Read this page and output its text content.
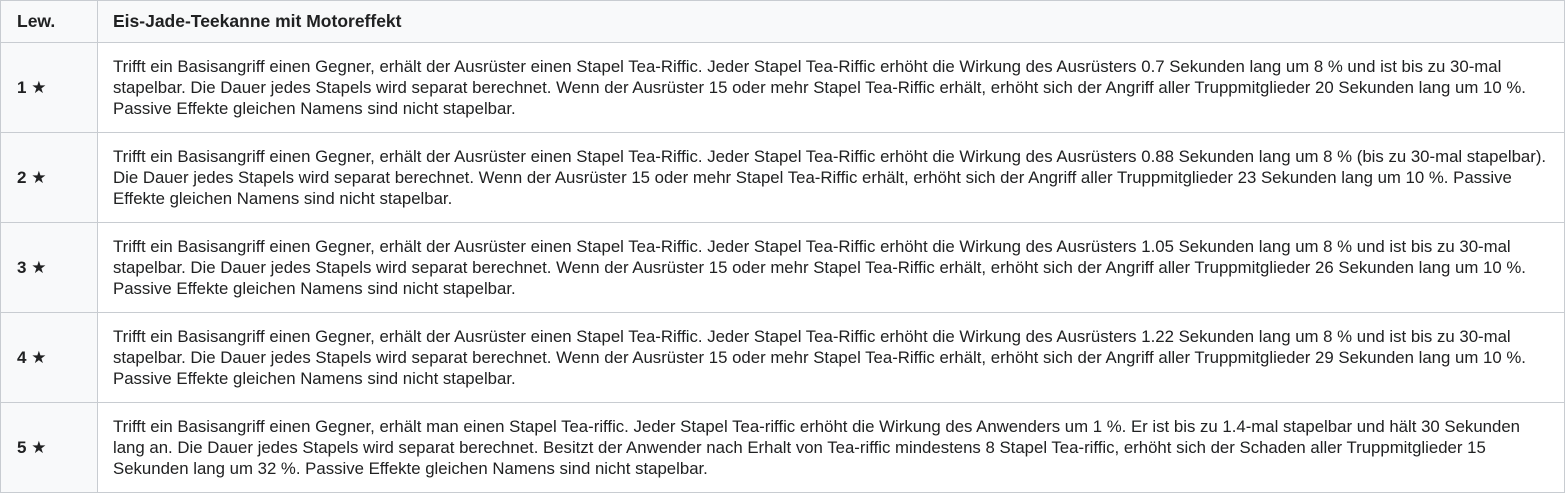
Lew.	Eis-Jade-Teekanne mit Motoreffekt
1 ★	Trifft ein Basisangriff einen Gegner, erhält der Ausrüster einen Stapel Tea-Riffic. Jeder Stapel Tea-Riffic erhöht die Wirkung des Ausrüsters 0.7 Sekunden lang um 8 % und ist bis zu 30-mal stapelbar. Die Dauer jedes Stapels wird separat berechnet. Wenn der Ausrüster 15 oder mehr Stapel Tea-Riffic erhält, erhöht sich der Angriff aller Truppmitglieder 20 Sekunden lang um 10 %. Passive Effekte gleichen Namens sind nicht stapelbar.
2 ★	Trifft ein Basisangriff einen Gegner, erhält der Ausrüster einen Stapel Tea-Riffic. Jeder Stapel Tea-Riffic erhöht die Wirkung des Ausrüsters 0.88 Sekunden lang um 8 % (bis zu 30-mal stapelbar). Die Dauer jedes Stapels wird separat berechnet. Wenn der Ausrüster 15 oder mehr Stapel Tea-Riffic erhält, erhöht sich der Angriff aller Truppmitglieder 23 Sekunden lang um 10 %. Passive Effekte gleichen Namens sind nicht stapelbar.
3 ★	Trifft ein Basisangriff einen Gegner, erhält der Ausrüster einen Stapel Tea-Riffic. Jeder Stapel Tea-Riffic erhöht die Wirkung des Ausrüsters 1.05 Sekunden lang um 8 % und ist bis zu 30-mal stapelbar. Die Dauer jedes Stapels wird separat berechnet. Wenn der Ausrüster 15 oder mehr Stapel Tea-Riffic erhält, erhöht sich der Angriff aller Truppmitglieder 26 Sekunden lang um 10 %. Passive Effekte gleichen Namens sind nicht stapelbar.
4 ★	Trifft ein Basisangriff einen Gegner, erhält der Ausrüster einen Stapel Tea-Riffic. Jeder Stapel Tea-Riffic erhöht die Wirkung des Ausrüsters 1.22 Sekunden lang um 8 % und ist bis zu 30-mal stapelbar. Die Dauer jedes Stapels wird separat berechnet. Wenn der Ausrüster 15 oder mehr Stapel Tea-Riffic erhält, erhöht sich der Angriff aller Truppmitglieder 29 Sekunden lang um 10 %. Passive Effekte gleichen Namens sind nicht stapelbar.
5 ★	Trifft ein Basisangriff einen Gegner, erhält man einen Stapel Tea-riffic. Jeder Stapel Tea-riffic erhöht die Wirkung des Anwenders um 1 %. Er ist bis zu 1.4-mal stapelbar und hält 30 Sekunden lang an. Die Dauer jedes Stapels wird separat berechnet. Besitzt der Anwender nach Erhalt von Tea-riffic mindestens 8 Stapel Tea-riffic, erhöht sich der Schaden aller Truppmitglieder 15 Sekunden lang um 32 %. Passive Effekte gleichen Namens sind nicht stapelbar.
